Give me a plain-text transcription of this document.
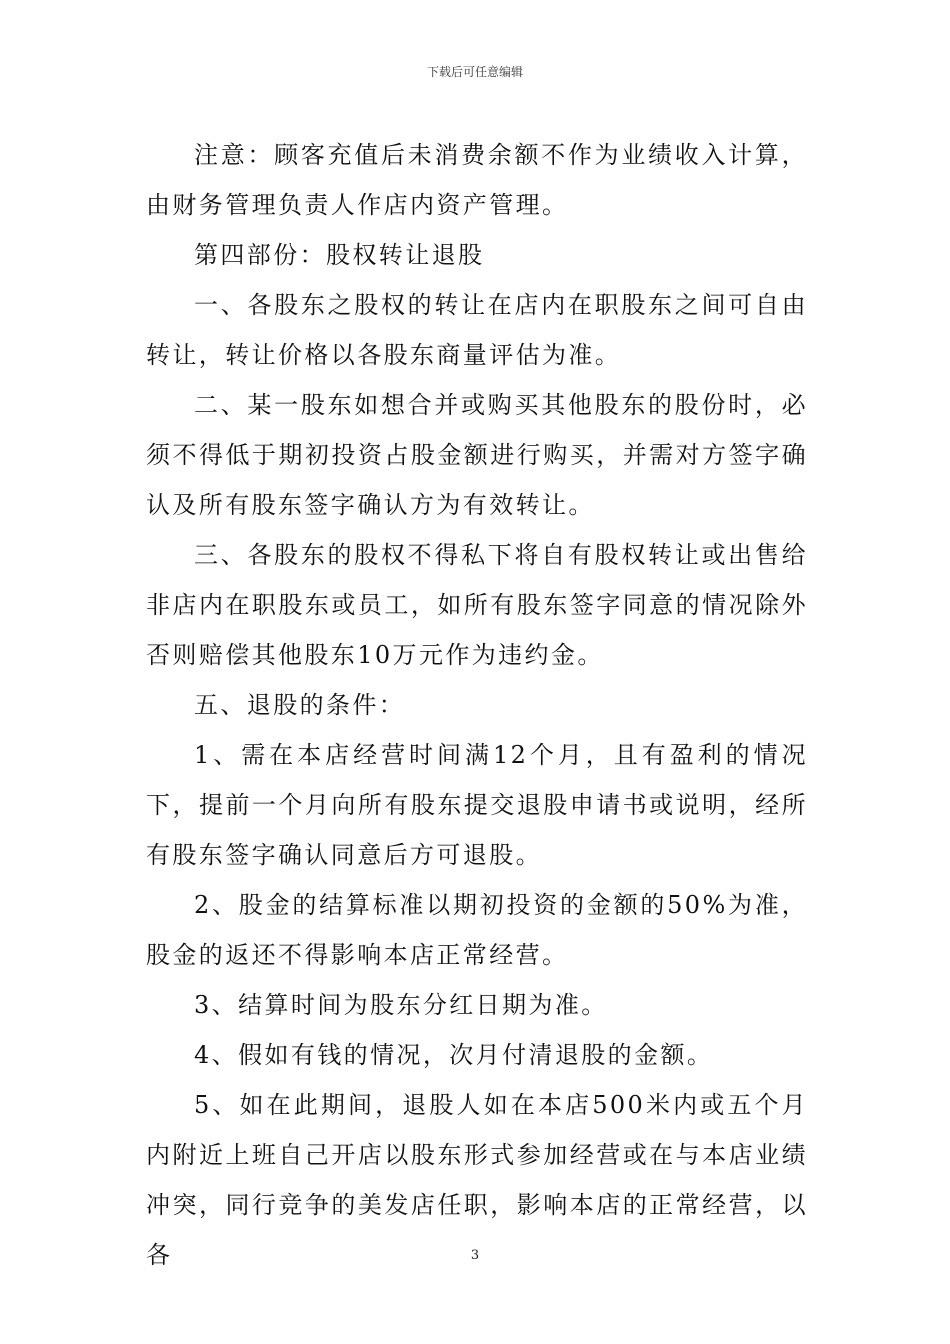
下载后可任意编辑

注意：顾客充值后未消费余额不作为业绩收入计算，由财务管理负责人作店内资产管理。

第四部份：股权转让退股

一、各股东之股权的转让在店内在职股东之间可自由转让，转让价格以各股东商量评估为准。

二、某一股东如想合并或购买其他股东的股份时，必须不得低于期初投资占股金额进行购买，并需对方签字确认及所有股东签字确认方为有效转让。

三、各股东的股权不得私下将自有股权转让或出售给非店内在职股东或员工，如所有股东签字同意的情况除外否则赔偿其他股东10万元作为违约金。

五、退股的条件：

1、需在本店经营时间满12个月，且有盈利的情况下，提前一个月向所有股东提交退股申请书或说明，经所有股东签字确认同意后方可退股。

2、股金的结算标准以期初投资的金额的50%为准，股金的返还不得影响本店正常经营。

3、结算时间为股东分红日期为准。

4、假如有钱的情况，次月付清退股的金额。

5、如在此期间，退股人如在本店500米内或五个月内附近上班自己开店以股东形式参加经营或在与本店业绩冲突，同行竞争的美发店任职，影响本店的正常经营，以各	3
